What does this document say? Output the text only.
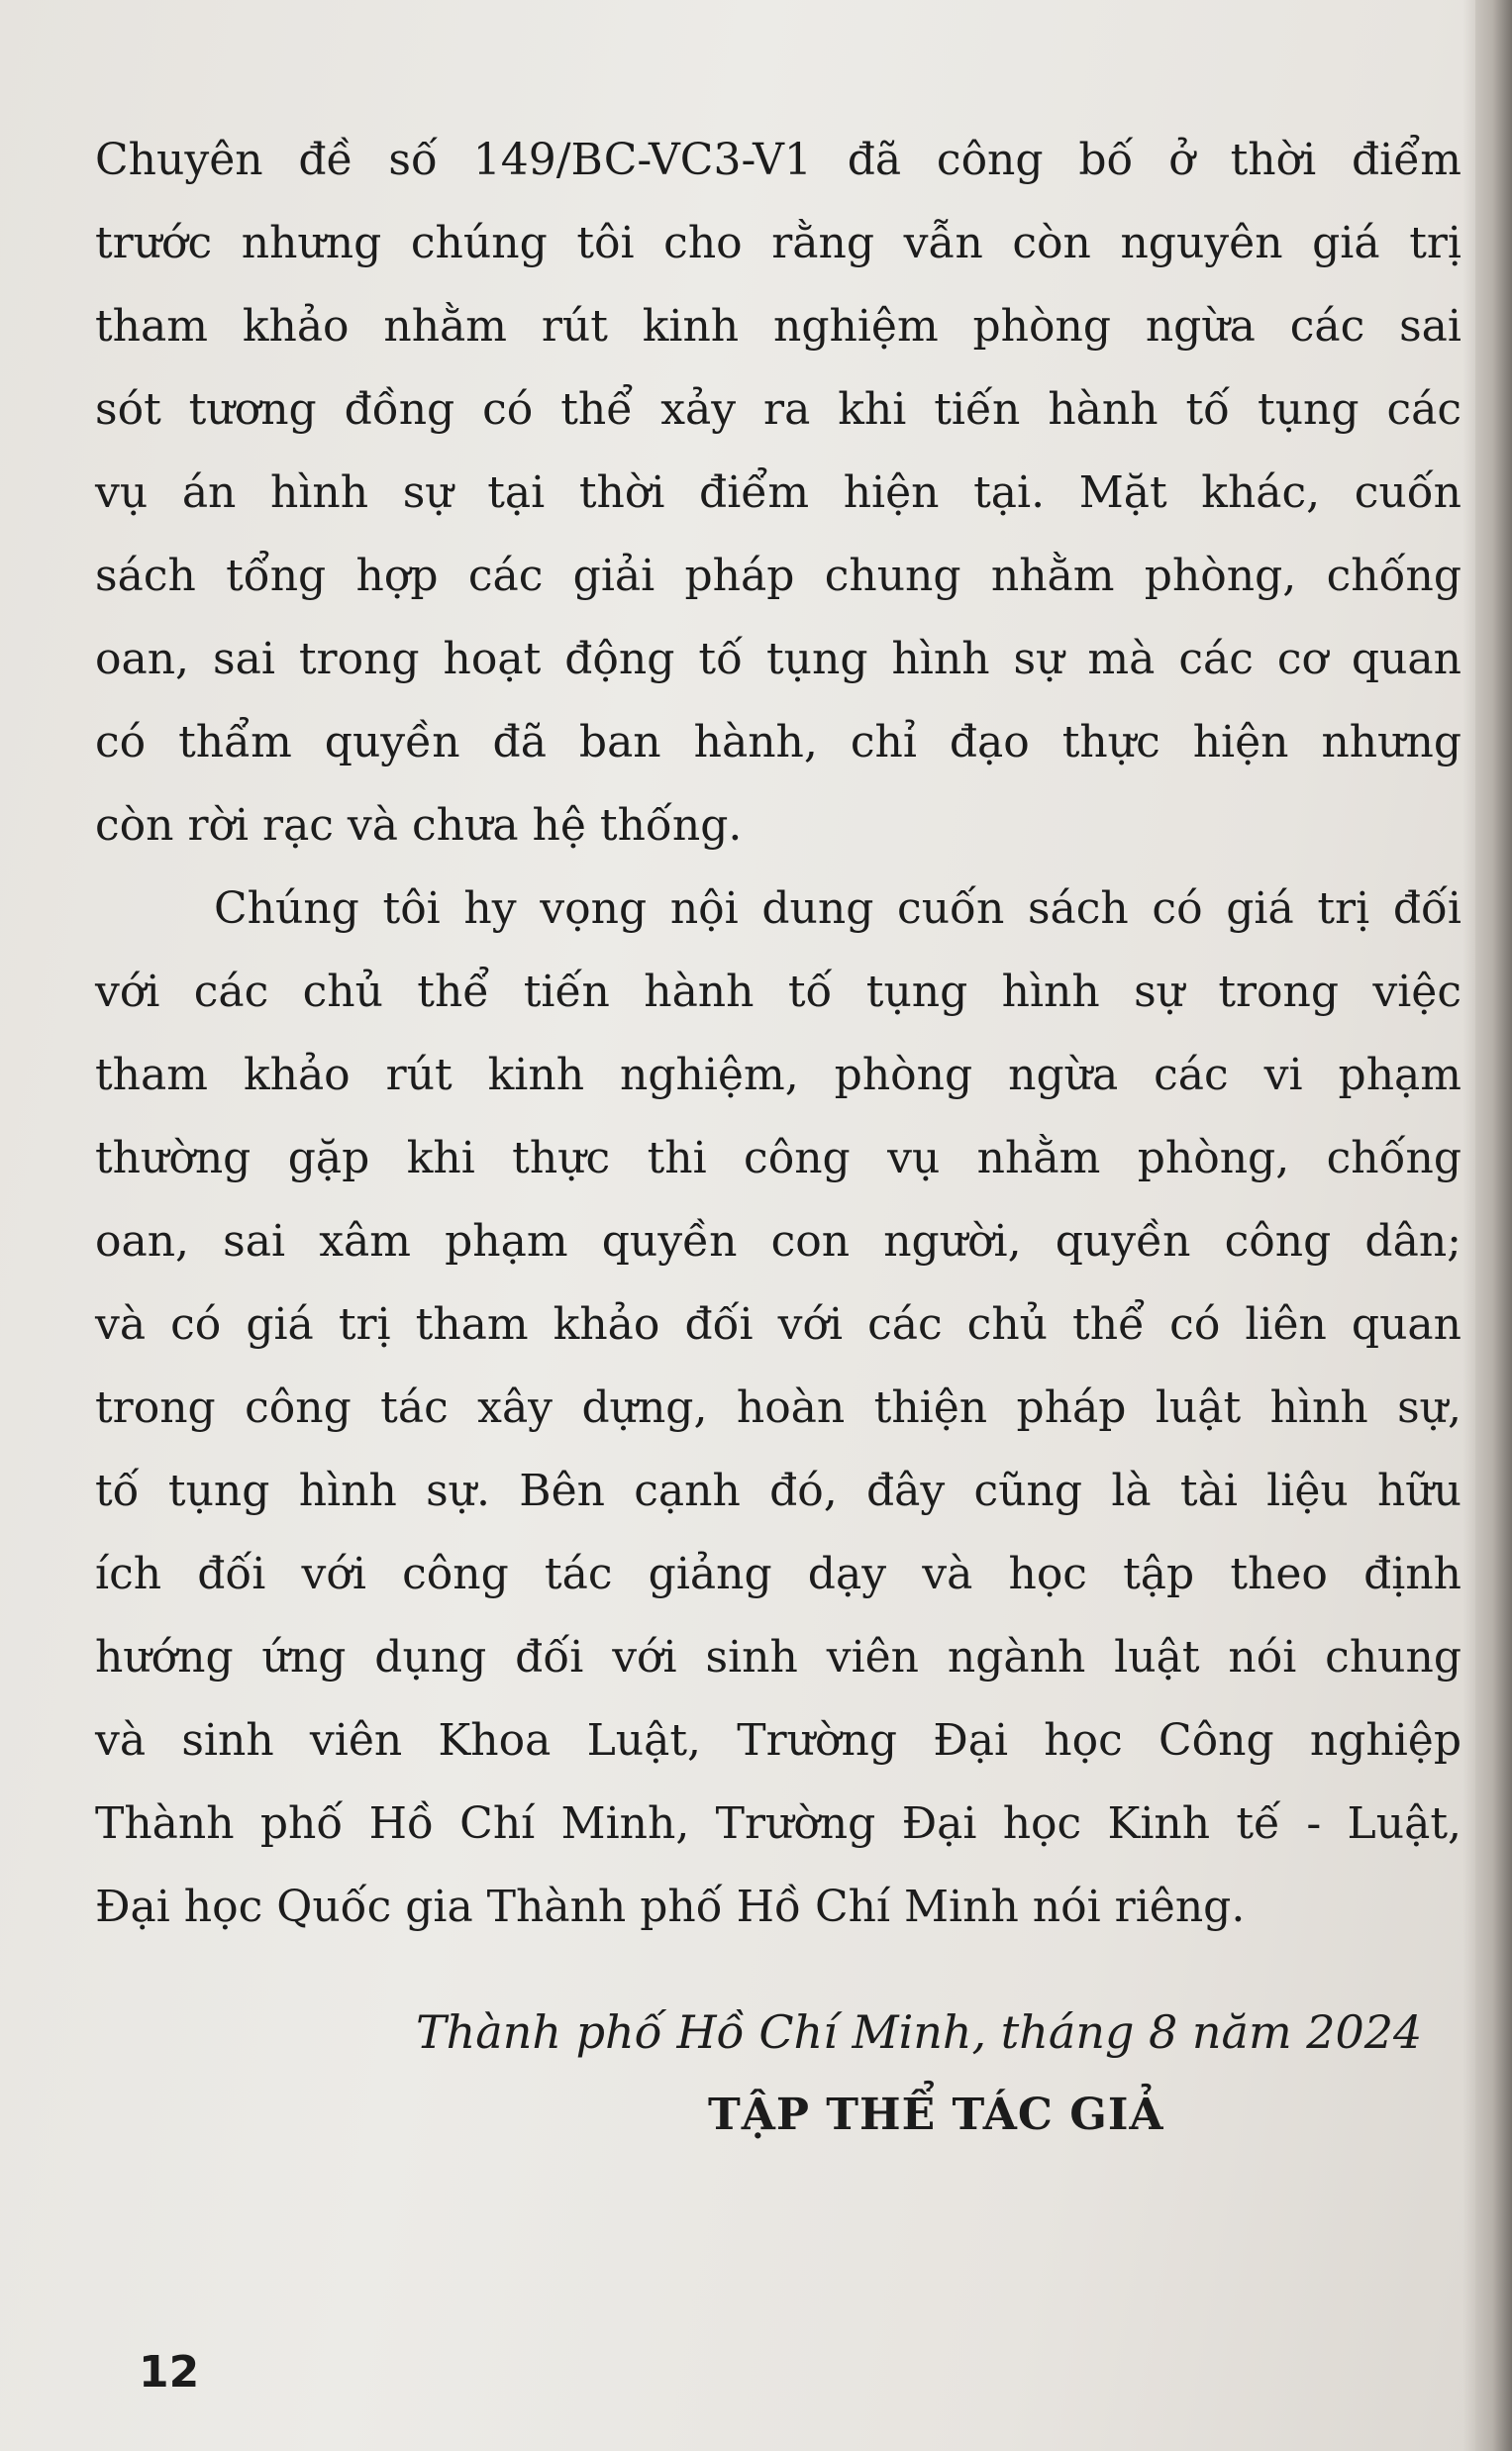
Chuyên đề số 149/BC-VC3-V1 đã công bố ở thời điểm
trước nhưng chúng tôi cho rằng vẫn còn nguyên giá trị
tham khảo nhằm rút kinh nghiệm phòng ngừa các sai
sót tương đồng có thể xảy ra khi tiến hành tố tụng các
vụ án hình sự tại thời điểm hiện tại. Mặt khác, cuốn
sách tổng hợp các giải pháp chung nhằm phòng, chống
oan, sai trong hoạt động tố tụng hình sự mà các cơ quan
có thẩm quyền đã ban hành, chỉ đạo thực hiện nhưng
còn rời rạc và chưa hệ thống.
Chúng tôi hy vọng nội dung cuốn sách có giá trị đối
với các chủ thể tiến hành tố tụng hình sự trong việc
tham khảo rút kinh nghiệm, phòng ngừa các vi phạm
thường gặp khi thực thi công vụ nhằm phòng, chống
oan, sai xâm phạm quyền con người, quyền công dân;
và có giá trị tham khảo đối với các chủ thể có liên quan
trong công tác xây dựng, hoàn thiện pháp luật hình sự,
tố tụng hình sự. Bên cạnh đó, đây cũng là tài liệu hữu
ích đối với công tác giảng dạy và học tập theo định
hướng ứng dụng đối với sinh viên ngành luật nói chung
và sinh viên Khoa Luật, Trường Đại học Công nghiệp
Thành phố Hồ Chí Minh, Trường Đại học Kinh tế - Luật,
Đại học Quốc gia Thành phố Hồ Chí Minh nói riêng.
Thành phố Hồ Chí Minh, tháng 8 năm 2024
TẬP THỂ TÁC GIẢ
12
